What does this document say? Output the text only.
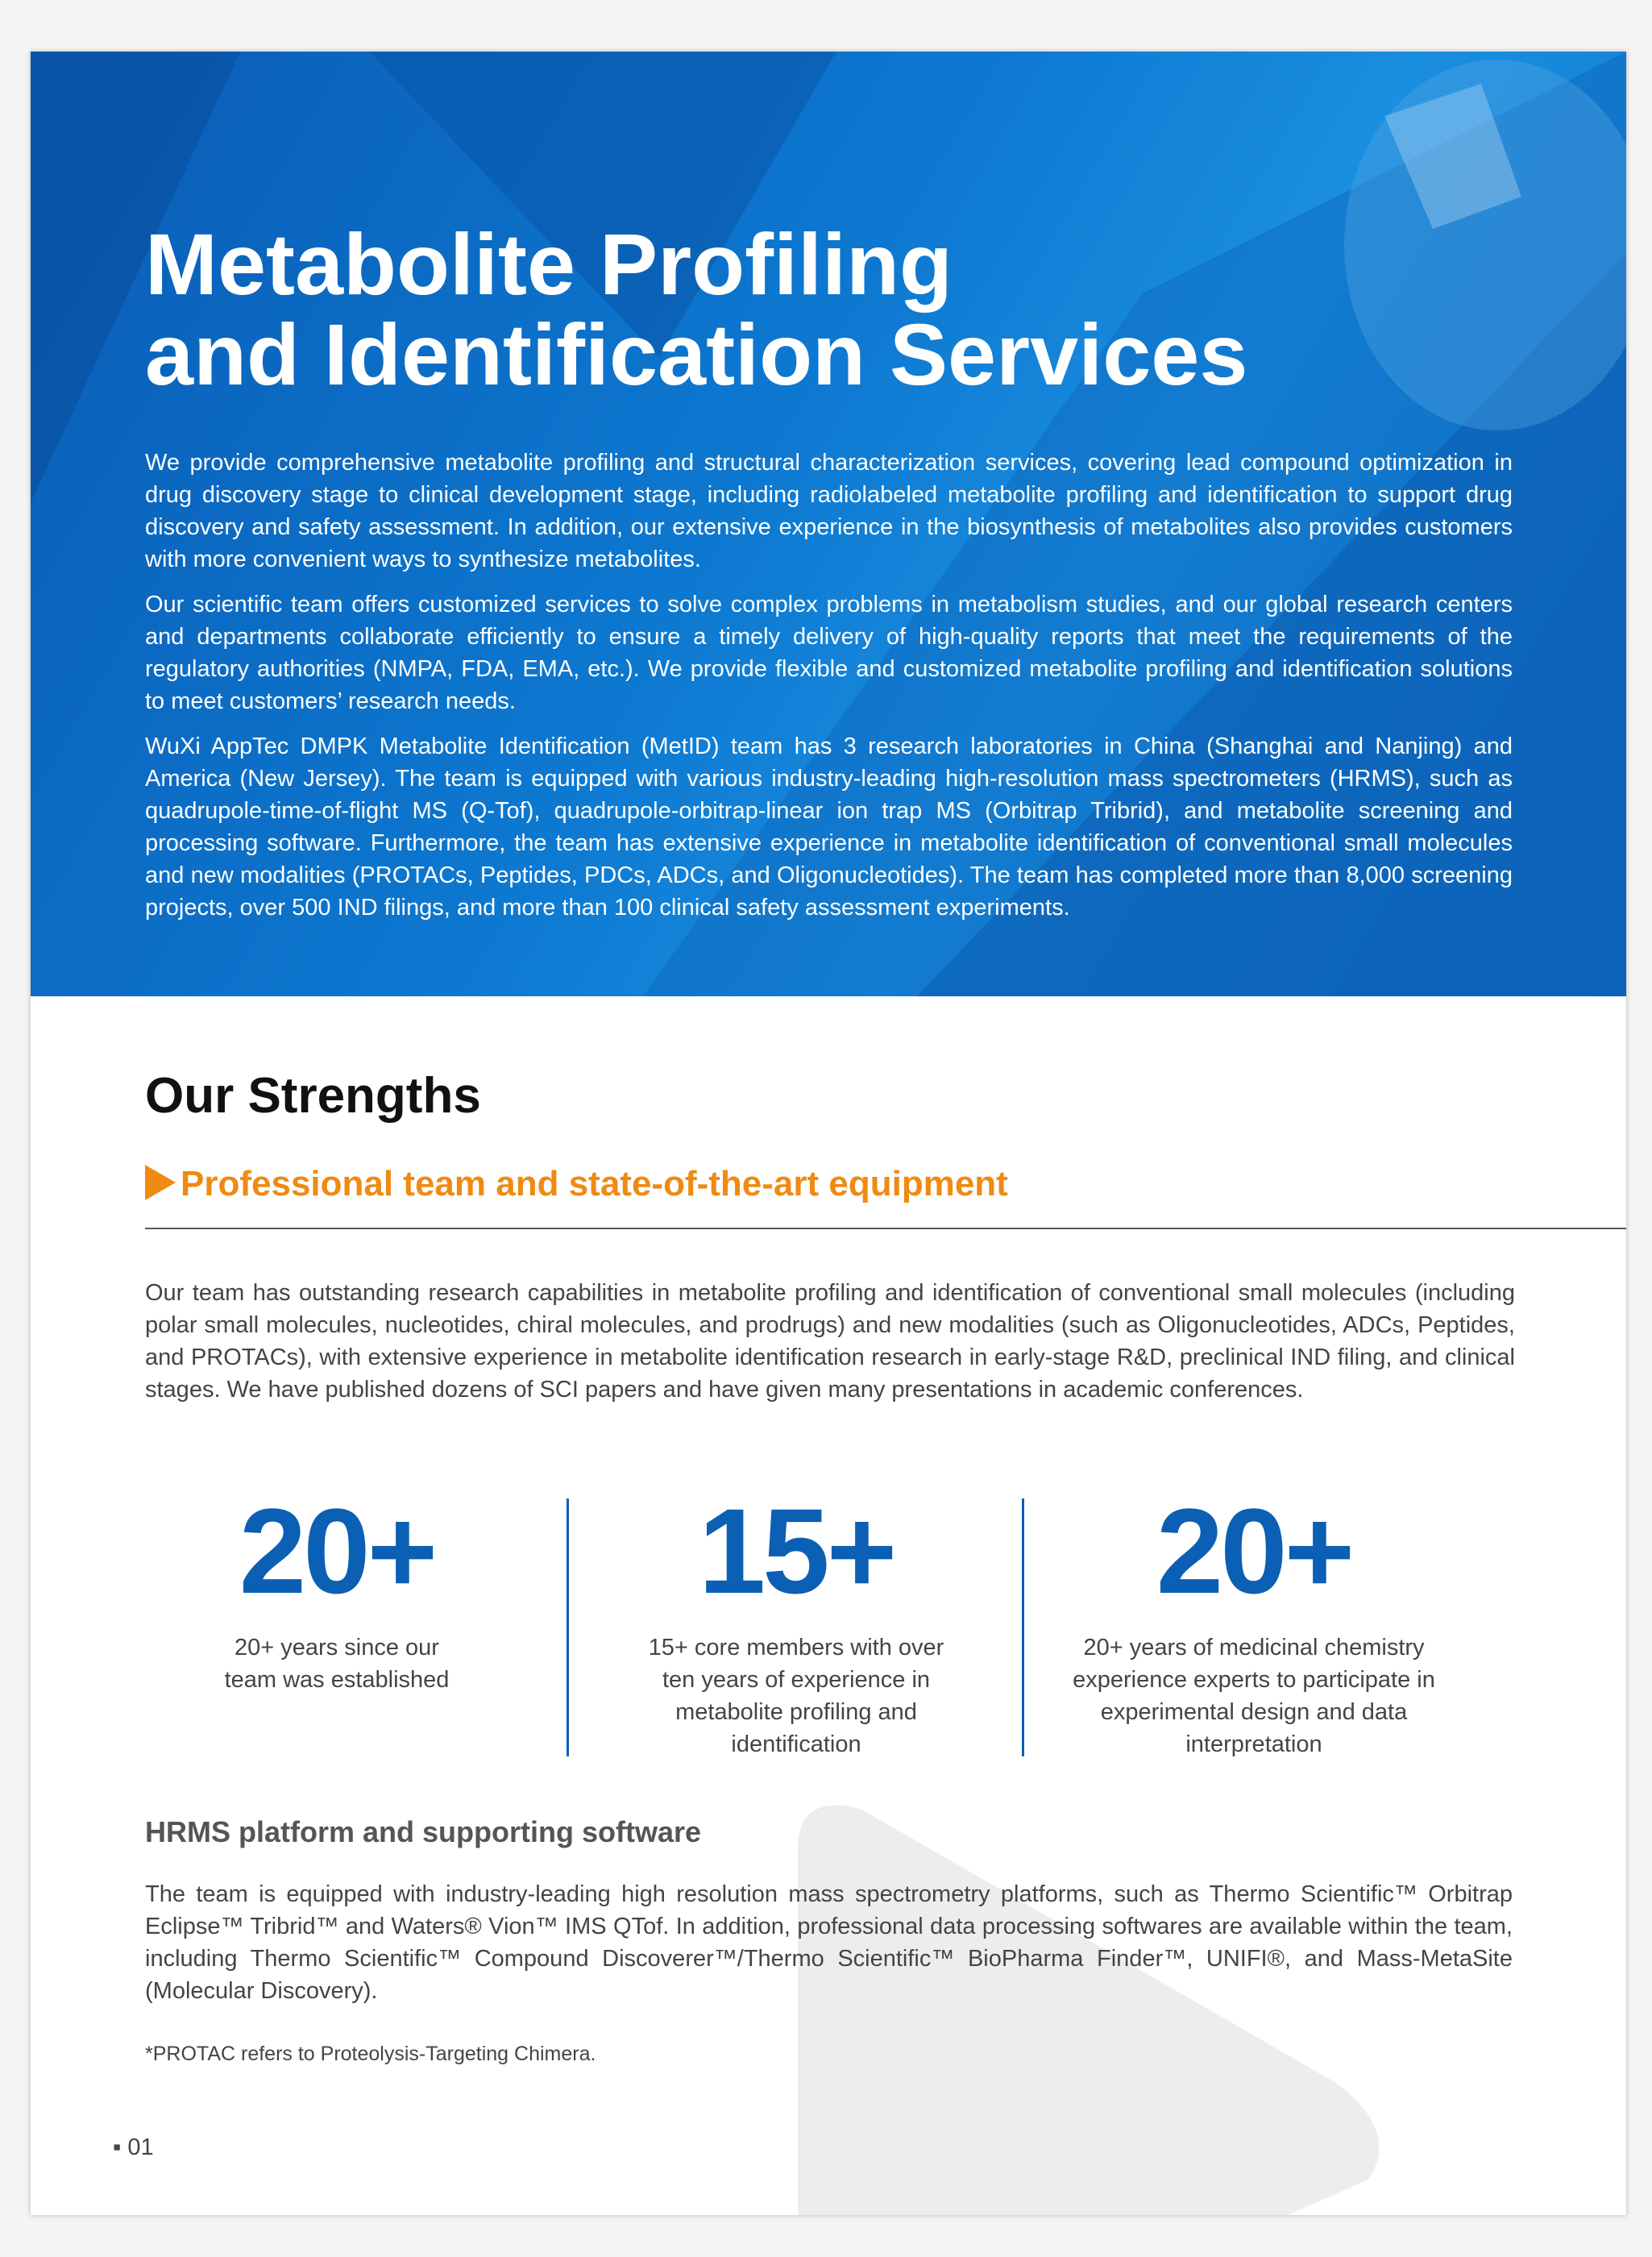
Metabolite Profiling
and Identification Services

We provide comprehensive metabolite profiling and structural characterization services, covering lead compound optimization in drug discovery stage to clinical development stage, including radiolabeled metabolite profiling and identification to support drug discovery and safety assessment. In addition, our extensive experience in the biosynthesis of metabolites also provides customers with more convenient ways to synthesize metabolites.

Our scientific team offers customized services to solve complex problems in metabolism studies, and our global research centers and departments collaborate efficiently to ensure a timely delivery of high-quality reports that meet the requirements of the regulatory authorities (NMPA, FDA, EMA, etc.). We provide flexible and customized metabolite profiling and identification solutions to meet customers’ research needs.

WuXi AppTec DMPK Metabolite Identification (MetID) team has 3 research laboratories in China (Shanghai and Nanjing) and America (New Jersey). The team is equipped with various industry-leading high-resolution mass spectrometers (HRMS), such as quadrupole-time-of-flight MS (Q-Tof), quadrupole-orbitrap-linear ion trap MS (Orbitrap Tribrid), and metabolite screening and processing software. Furthermore, the team has extensive experience in metabolite identification of conventional small molecules and new modalities (PROTACs, Peptides, PDCs, ADCs, and Oligonucleotides). The team has completed more than 8,000 screening projects, over 500 IND filings, and more than 100 clinical safety assessment experiments.

Our Strengths
Professional team and state-of-the-art equipment

Our team has outstanding research capabilities in metabolite profiling and identification of conventional small molecules (including polar small molecules, nucleotides, chiral molecules, and prodrugs) and new modalities (such as Oligonucleotides, ADCs, Peptides, and PROTACs), with extensive experience in metabolite identification research in early-stage R&D, preclinical IND filing, and clinical stages. We have published dozens of SCI papers and have given many presentations in academic conferences.

20+
20+ years since our team was established
15+
15+ core members with over ten years of experience in metabolite profiling and identification
20+
20+ years of medicinal chemistry experience experts to participate in experimental design and data interpretation
HRMS platform and supporting software

The team is equipped with industry-leading high resolution mass spectrometry platforms, such as Thermo Scientific™ Orbitrap Eclipse™ Tribrid™ and Waters® Vion™ IMS QTof. In addition, professional data processing softwares are available within the team, including Thermo Scientific™ Compound Discoverer™/Thermo Scientific™ BioPharma Finder™, UNIFI®, and Mass-MetaSite (Molecular Discovery).

*PROTAC refers to Proteolysis-Targeting Chimera.
▪ 01
